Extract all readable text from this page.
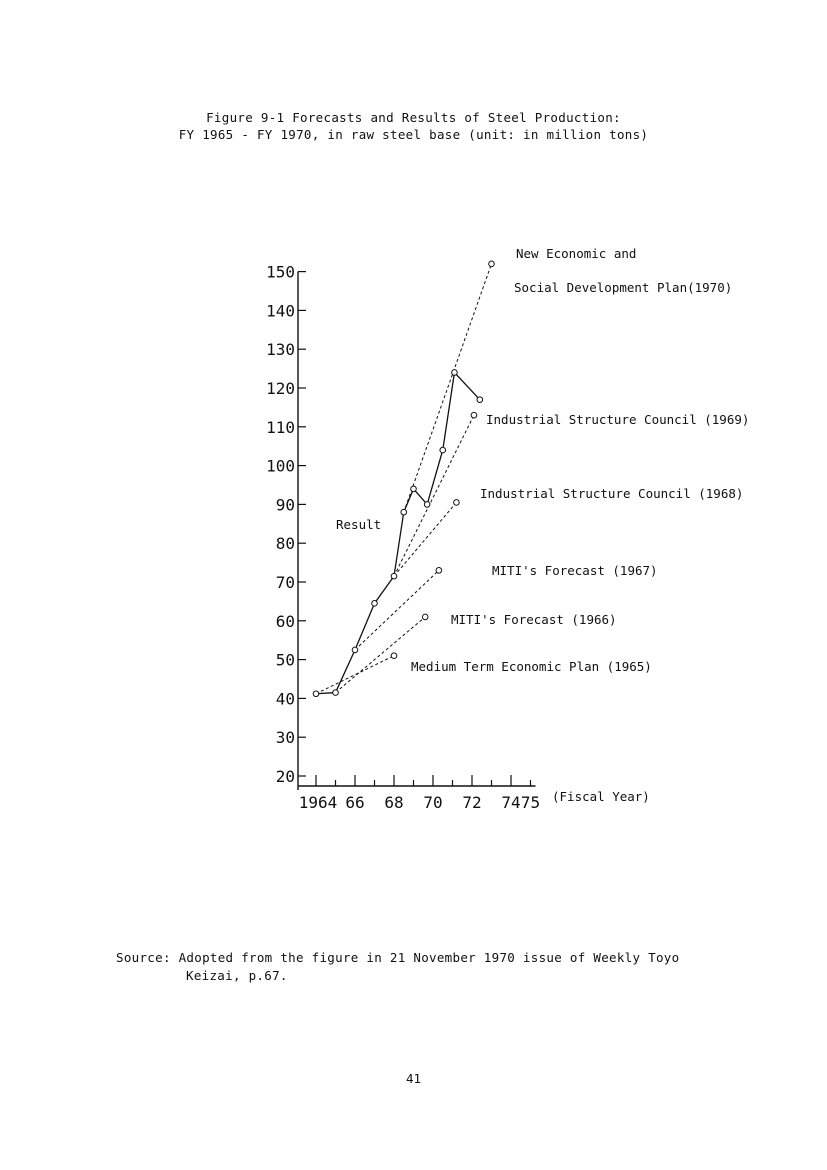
Figure 9-1 Forecasts and Results of Steel Production:
FY 1965 - FY 1970, in raw steel base (unit: in million tons)
20
30
40
50
60
70
80
90
100
110
120
130
140
150
1964 66 68 70 72 74 75 (Fiscal Year)
Result
New Economic and
Social Development Plan(1970)
Industrial Structure Council (1969)
Industrial Structure Council (1968)
MITI's Forecast (1967)
MITI's Forecast (1966)
Medium Term Economic Plan (1965)
Source: Adopted from the figure in 21 November 1970 issue of Weekly Toyo
Keizai, p.67.
41
